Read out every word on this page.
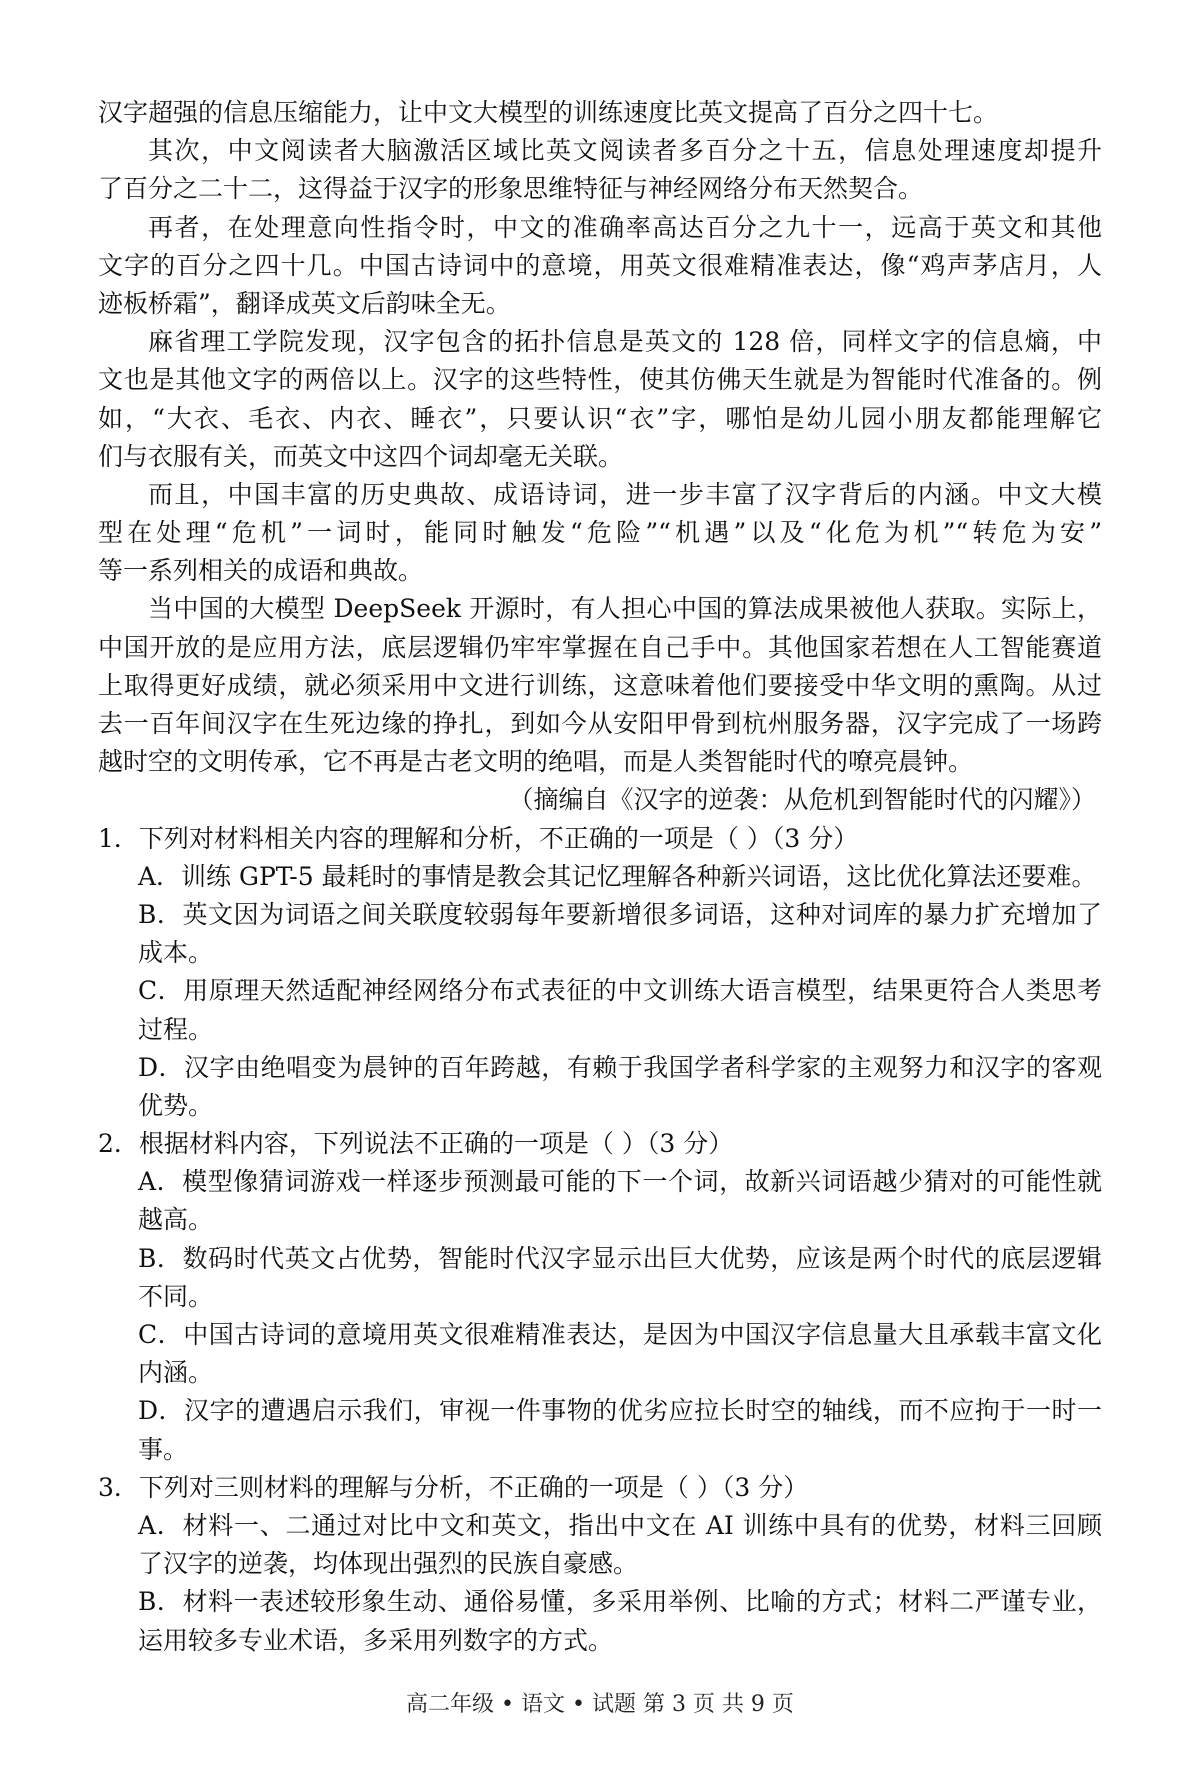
汉字超强的信息压缩能力，让中文大模型的训练速度比英文提高了百分之四十七。
其次，中文阅读者大脑激活区域比英文阅读者多百分之十五，信息处理速度却提升
了百分之二十二，这得益于汉字的形象思维特征与神经网络分布天然契合。
再者，在处理意向性指令时，中文的准确率高达百分之九十一，远高于英文和其他
文字的百分之四十几。中国古诗词中的意境，用英文很难精准表达，像“鸡声茅店月，人
迹板桥霜”，翻译成英文后韵味全无。
麻省理工学院发现，汉字包含的拓扑信息是英文的 128 倍，同样文字的信息熵，中
文也是其他文字的两倍以上。汉字的这些特性，使其仿佛天生就是为智能时代准备的。例
如，“大衣、毛衣、内衣、睡衣”，只要认识“衣”字，哪怕是幼儿园小朋友都能理解它
们与衣服有关，而英文中这四个词却毫无关联。
而且，中国丰富的历史典故、成语诗词，进一步丰富了汉字背后的内涵。中文大模
型在处理“危机”一词时，能同时触发“危险”“机遇”以及“化危为机”“转危为安”
等一系列相关的成语和典故。
当中国的大模型 DeepSeek 开源时，有人担心中国的算法成果被他人获取。实际上，
中国开放的是应用方法，底层逻辑仍牢牢掌握在自己手中。其他国家若想在人工智能赛道
上取得更好成绩，就必须采用中文进行训练，这意味着他们要接受中华文明的熏陶。从过
去一百年间汉字在生死边缘的挣扎，到如今从安阳甲骨到杭州服务器，汉字完成了一场跨
越时空的文明传承，它不再是古老文明的绝唱，而是人类智能时代的嘹亮晨钟。
（摘编自《汉字的逆袭：从危机到智能时代的闪耀》）
1．下列对材料相关内容的理解和分析，不正确的一项是（ ）（3 分）
A．训练 GPT-5 最耗时的事情是教会其记忆理解各种新兴词语，这比优化算法还要难。
B．英文因为词语之间关联度较弱每年要新增很多词语，这种对词库的暴力扩充增加了
成本。
C．用原理天然适配神经网络分布式表征的中文训练大语言模型，结果更符合人类思考
过程。
D．汉字由绝唱变为晨钟的百年跨越，有赖于我国学者科学家的主观努力和汉字的客观
优势。
2．根据材料内容，下列说法不正确的一项是（ ）（3 分）
A．模型像猜词游戏一样逐步预测最可能的下一个词，故新兴词语越少猜对的可能性就
越高。
B．数码时代英文占优势，智能时代汉字显示出巨大优势，应该是两个时代的底层逻辑
不同。
C．中国古诗词的意境用英文很难精准表达，是因为中国汉字信息量大且承载丰富文化
内涵。
D．汉字的遭遇启示我们，审视一件事物的优劣应拉长时空的轴线，而不应拘于一时一
事。
3．下列对三则材料的理解与分析，不正确的一项是（ ）（3 分）
A．材料一、二通过对比中文和英文，指出中文在 AI 训练中具有的优势，材料三回顾
了汉字的逆袭，均体现出强烈的民族自豪感。
B．材料一表述较形象生动、通俗易懂，多采用举例、比喻的方式；材料二严谨专业，
运用较多专业术语，多采用列数字的方式。
高二年级 • 语文 • 试题 第 3 页 共 9 页
